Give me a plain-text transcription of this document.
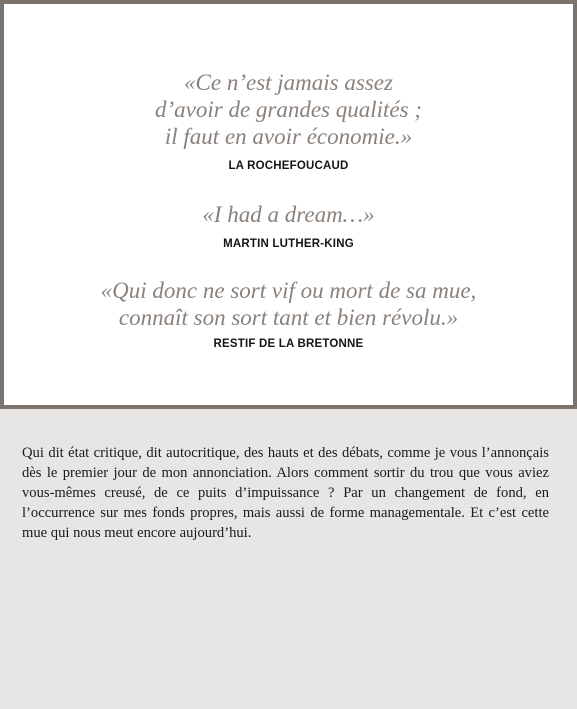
«Ce n’est jamais assez
d’avoir de grandes qualités ;
il faut en avoir économie.»
LA ROCHEFOUCAUD
«I had a dream…»
MARTIN LUTHER-KING
«Qui donc ne sort vif ou mort de sa mue,
connaît son sort tant et bien révolu.»
RESTIF DE LA BRETONNE

Qui dit état critique, dit autocritique, des hauts et des débats, comme je vous l’annonçais dès le premier jour de mon annonciation. Alors comment sortir du trou que vous aviez vous-mêmes creusé, de ce puits d’impuissance ? Par un changement de fond, en l’occurrence sur mes fonds propres, mais aussi de forme managementale. Et c’est cette mue qui nous meut encore aujourd’hui.
